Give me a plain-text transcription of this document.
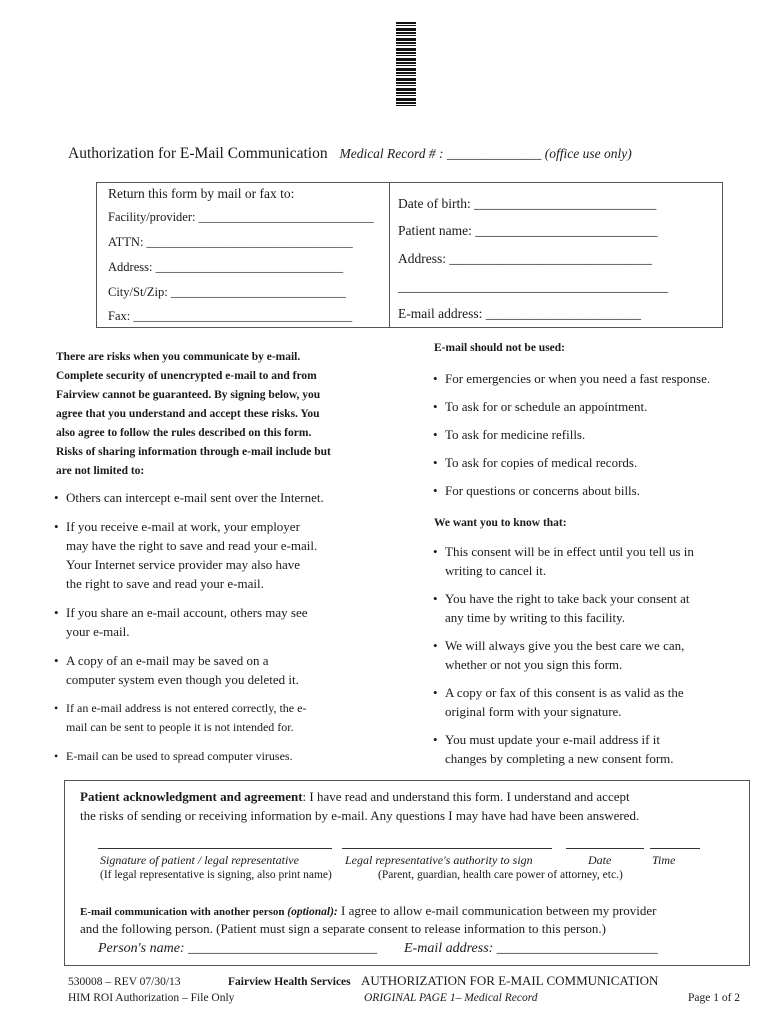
Authorization for E-Mail Communication Medical Record # : ______________ (office use only)
Return this form by mail or fax to:
Facility/provider: ____________________________
ATTN: _________________________________
Address: ______________________________
City/St/Zip: ____________________________
Fax: ___________________________________
Date of birth: ___________________________
Patient name: ___________________________
Address: ______________________________
________________________________________
E-mail address: _______________________
There are risks when you communicate by e-mail.
Complete security of unencrypted e-mail to and from
Fairview cannot be guaranteed. By signing below, you
agree that you understand and accept these risks. You
also agree to follow the rules described on this form.
Risks of sharing information through e-mail include but
are not limited to:
• Others can intercept e-mail sent over the Internet.
• If you receive e-mail at work, your employer
may have the right to save and read your e-mail.
Your Internet service provider may also have
the right to save and read your e-mail.
• If you share an e-mail account, others may see
your e-mail.
• A copy of an e-mail may be saved on a
computer system even though you deleted it.
• If an e-mail address is not entered correctly, the e-
mail can be sent to people it is not intended for.
• E-mail can be used to spread computer viruses.
E-mail should not be used:
• For emergencies or when you need a fast response.
• To ask for or schedule an appointment.
• To ask for medicine refills.
• To ask for copies of medical records.
• For questions or concerns about bills.
We want you to know that:
• This consent will be in effect until you tell us in
writing to cancel it.
• You have the right to take back your consent at
any time by writing to this facility.
• We will always give you the best care we can,
whether or not you sign this form.
• A copy or fax of this consent is as valid as the
original form with your signature.
• You must update your e-mail address if it
changes by completing a new consent form.
Patient acknowledgment and agreement: I have read and understand this form. I understand and accept
the risks of sending or receiving information by e-mail. Any questions I may have had have been answered.
Signature of patient / legal representative	Legal representative's authority to sign	Date	Time
(If legal representative is signing, also print name)	(Parent, guardian, health care power of attorney, etc.)
E-mail communication with another person (optional): I agree to allow e-mail communication between my provider
and the following person. (Patient must sign a separate consent to release information to this person.)
Person's name: ___________________________ E-mail address: _______________________
530008 – REV 07/30/13
HIM ROI Authorization – File Only
Fairview Health Services AUTHORIZATION FOR E-MAIL COMMUNICATION
ORIGINAL PAGE 1– Medical Record	Page 1 of 2
